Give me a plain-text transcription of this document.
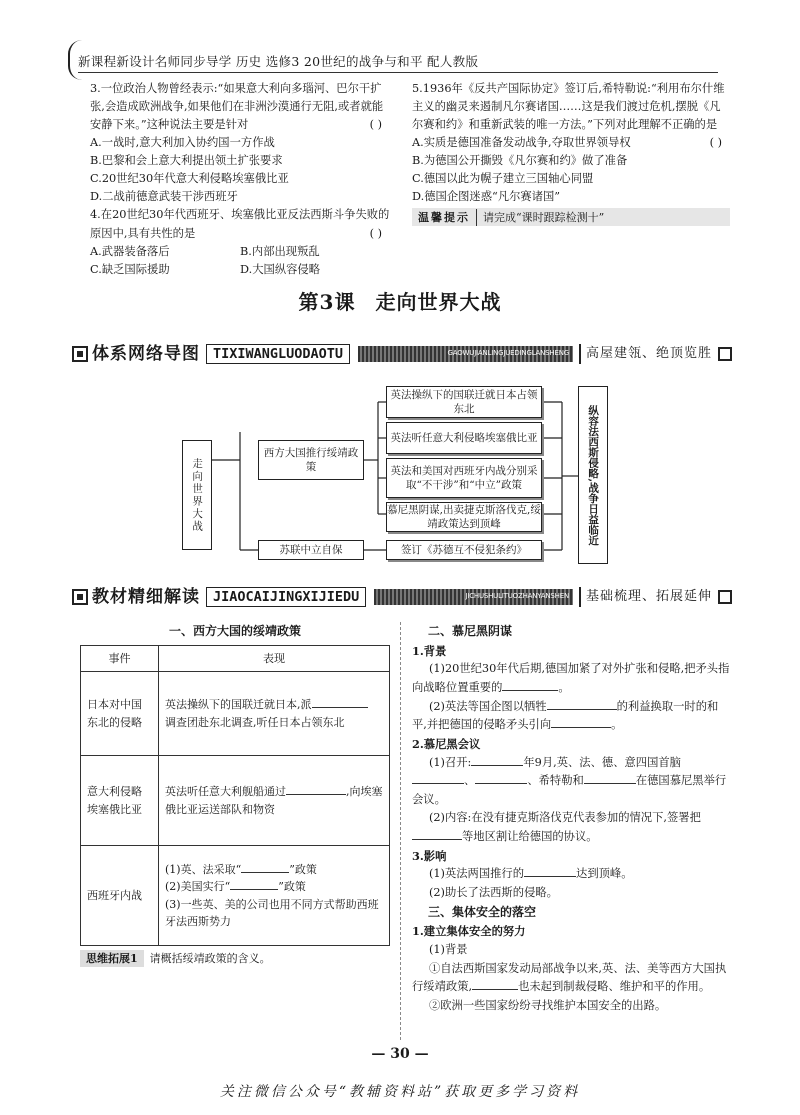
新课程新设计名师同步导学 历史 选修3 20世纪的战争与和平 配人教版
3.一位政治人物曾经表示:“如果意大利向多瑙河、巴尔干扩张,会造成欧洲战争,如果他们在非洲沙漠通行无阻,或者就能安静下来。”这种说法主要是针对	( )
A.一战时,意大利加入协约国一方作战
B.巴黎和会上意大利提出领土扩张要求
C.20世纪30年代意大利侵略埃塞俄比亚
D.二战前德意武装干涉西班牙
4.在20世纪30年代西班牙、埃塞俄比亚反法西斯斗争失败的原因中,具有共性的是	( )
A.武器装备落后	B.内部出现叛乱
C.缺乏国际援助	D.大国纵容侵略
5.1936年《反共产国际协定》签订后,希特勒说:“利用布尔什维主义的幽灵来遏制凡尔赛诸国……这是我们渡过危机,摆脱《凡尔赛和约》和重新武装的唯一方法。”下列对此理解不正确的是
( )
A.实质是德国准备发动战争,夺取世界领导权
B.为德国公开撕毁《凡尔赛和约》做了准备
C.德国以此为幌子建立三国轴心同盟
D.德国企图迷惑“凡尔赛诸国”
温馨提示	请完成“课时跟踪检测十”
第3课 走向世界大战
体系网络导图 TIXIWANGLUODAOTU	GAOWUJIANLINGJUEDINGLANSHENG	高屋建瓴、绝顶览胜
走向世界大战
西方大国推行绥靖政策
苏联中立自保
英法操纵下的国联迁就日本占领东北
英法听任意大利侵略埃塞俄比亚
英法和美国对西班牙内战分别采取“不干涉”和“中立”政策
慕尼黑阴谋,出卖捷克斯洛伐克,绥靖政策达到顶峰
签订《苏德互不侵犯条约》
纵容法西斯侵略,战争日益临近
教材精细解读 JIAOCAIJINGXIJIEDU	JICHUSHULITUOZHANYANSHEN	基础梳理、拓展延伸
一、西方大国的绥靖政策
事件	表现
日本对中国东北的侵略	英法操纵下的国联迁就日本,派
调查团赴东北调查,听任日本占领东北
意大利侵略埃塞俄比亚	英法听任意大利舰船通过 ,向埃塞俄比亚运送部队和物资
西班牙内战	(1)英、法采取“ ”政策
(2)美国实行“ ”政策
(3)一些英、美的公司也用不同方式帮助西班牙法西斯势力
思维拓展1	请概括绥靖政策的含义。
二、慕尼黑阴谋
1.背景
(1)20世纪30年代后期,德国加紧了对外扩张和侵略,把矛头指向战略位置重要的	。
(2)英法等国企图以牺牲	的利益换取一时的和平,并把德国的侵略矛头引向	。
2.慕尼黑会议
(1)召开:	年9月,英、法、德、意四国首脑、	、希特勒和	在德国慕尼黑举行会议。
(2)内容:在没有捷克斯洛伐克代表参加的情况下,签署把等地区割让给德国的协议。
3.影响
(1)英法两国推行的	达到顶峰。
(2)助长了法西斯的侵略。
三、集体安全的落空
1.建立集体安全的努力
(1)背景
①自法西斯国家发动局部战争以来,英、法、美等西方大国执行绥靖政策,	也未起到制裁侵略、维护和平的作用。
②欧洲一些国家纷纷寻找维护本国安全的出路。
— 30 —
关注微信公众号“教辅资料站”获取更多学习资料
